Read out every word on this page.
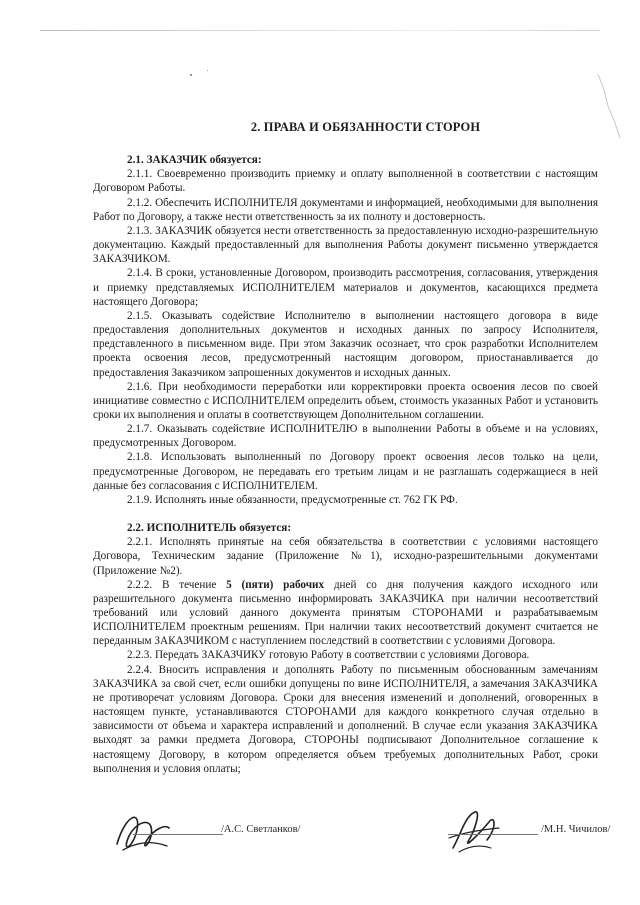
2. ПРАВА И ОБЯЗАННОСТИ СТОРОН

2.1. ЗАКАЗЧИК обязуется:

2.1.1. Своевременно производить приемку и оплату выполненной в соответствии с настоящим Договором Работы.

2.1.2. Обеспечить ИСПОЛНИТЕЛЯ документами и информацией, необходимыми для выполнения Работ по Договору, а также нести ответственность за их полноту и достоверность.

2.1.3. ЗАКАЗЧИК обязуется нести ответственность за предоставленную исходно-разрешительную документацию. Каждый предоставленный для выполнения Работы документ письменно утверждается ЗАКАЗЧИКОМ.

2.1.4. В сроки, установленные Договором, производить рассмотрения, согласования, утверждения и приемку представляемых ИСПОЛНИТЕЛЕМ материалов и документов, касающихся предмета настоящего Договора;

2.1.5. Оказывать содействие Исполнителю в выполнении настоящего договора в виде предоставления дополнительных документов и исходных данных по запросу Исполнителя, представленного в письменном виде. При этом Заказчик осознает, что срок разработки Исполнителем проекта освоения лесов, предусмотренный настоящим договором, приостанавливается до предоставления Заказчиком запрошенных документов и исходных данных.

2.1.6. При необходимости переработки или корректировки проекта освоения лесов по своей инициативе совместно с ИСПОЛНИТЕЛЕМ определить объем, стоимость указанных Работ и установить сроки их выполнения и оплаты в соответствующем Дополнительном соглашении.

2.1.7. Оказывать содействие ИСПОЛНИТЕЛЮ в выполнении Работы в объеме и на условиях, предусмотренных Договором.

2.1.8. Использовать выполненный по Договору проект освоения лесов только на цели, предусмотренные Договором, не передавать его третьим лицам и не разглашать содержащиеся в ней данные без согласования с ИСПОЛНИТЕЛЕМ.

2.1.9. Исполнять иные обязанности, предусмотренные ст. 762 ГК РФ.

2.2. ИСПОЛНИТЕЛЬ обязуется:

2.2.1. Исполнять принятые на себя обязательства в соответствии с условиями настоящего Договора, Техническим задание (Приложение №1), исходно-разрешительными документами (Приложение №2).

2.2.2. В течение 5 (пяти) рабочих дней со дня получения каждого исходного или разрешительного документа письменно информировать ЗАКАЗЧИКА при наличии несоответствий требований или условий данного документа принятым СТОРОНАМИ и разрабатываемым ИСПОЛНИТЕЛЕМ проектным решениям. При наличии таких несоответствий документ считается не переданным ЗАКАЗЧИКОМ с наступлением последствий в соответствии с условиями Договора.

2.2.3. Передать ЗАКАЗЧИКУ готовую Работу в соответствии с условиями Договора.

2.2.4. Вносить исправления и дополнять Работу по письменным обоснованным замечаниям ЗАКАЗЧИКА за свой счет, если ошибки допущены по вине ИСПОЛНИТЕЛЯ, а замечания ЗАКАЗЧИКА не противоречат условиям Договора. Сроки для внесения изменений и дополнений, оговоренных в настоящем пункте, устанавливаются СТОРОНАМИ для каждого конкретного случая отдельно в зависимости от объема и характера исправлений и дополнений. В случае если указания ЗАКАЗЧИКА выходят за рамки предмета Договора, СТОРОНЫ подписывают Дополнительное соглашение к настоящему Договору, в котором определяется объем требуемых дополнительных Работ, сроки выполнения и условия оплаты;

/А.С. Светланков/	/М.Н. Чичилов/
